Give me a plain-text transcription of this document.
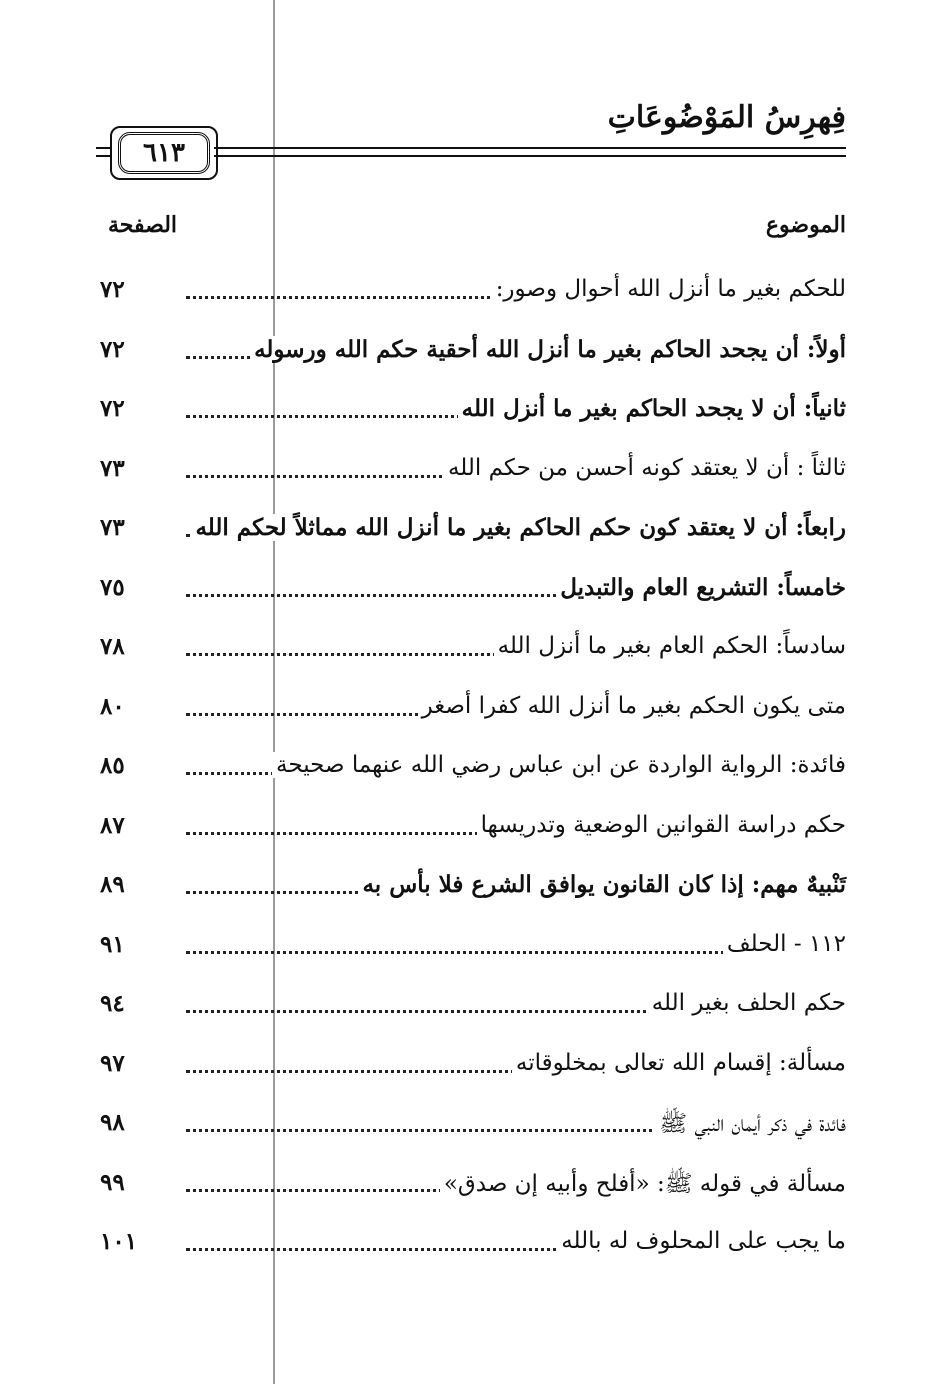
فِهرِسُ المَوْضُوعَاتِ
٦١٣
الموضوع
الصفحة
للحكم بغير ما أنزل الله أحوال وصور:
٧٢
أولاً: أن يجحد الحاكم بغير ما أنزل الله أحقية حكم الله ورسوله
٧٢
ثانياً: أن لا يجحد الحاكم بغير ما أنزل الله
٧٢
ثالثاً : أن لا يعتقد كونه أحسن من حكم الله
٧٣
رابعاً: أن لا يعتقد كون حكم الحاكم بغير ما أنزل الله مماثلاً لحكم الله
٧٣
خامساً: التشريع العام والتبديل
٧٥
سادساً: الحكم العام بغير ما أنزل الله
٧٨
متى يكون الحكم بغير ما أنزل الله كفرا أصغر
٨٠
فائدة: الرواية الواردة عن ابن عباس رضي الله عنهما صحيحة
٨٥
حكم دراسة القوانين الوضعية وتدريسها
٨٧
تَنْبيهٌ مهم: إذا كان القانون يوافق الشرع فلا بأس به
٨٩
١١٢ - الحلف
٩١
حكم الحلف بغير الله
٩٤
مسألة: إقسام الله تعالى بمخلوقاته
٩٧
فائدة في ذكر أيمان النبي ﷺ
٩٨
مسألة في قوله ﷺ: «أفلح وأبيه إن صدق»
٩٩
ما يجب على المحلوف له بالله
١٠١
